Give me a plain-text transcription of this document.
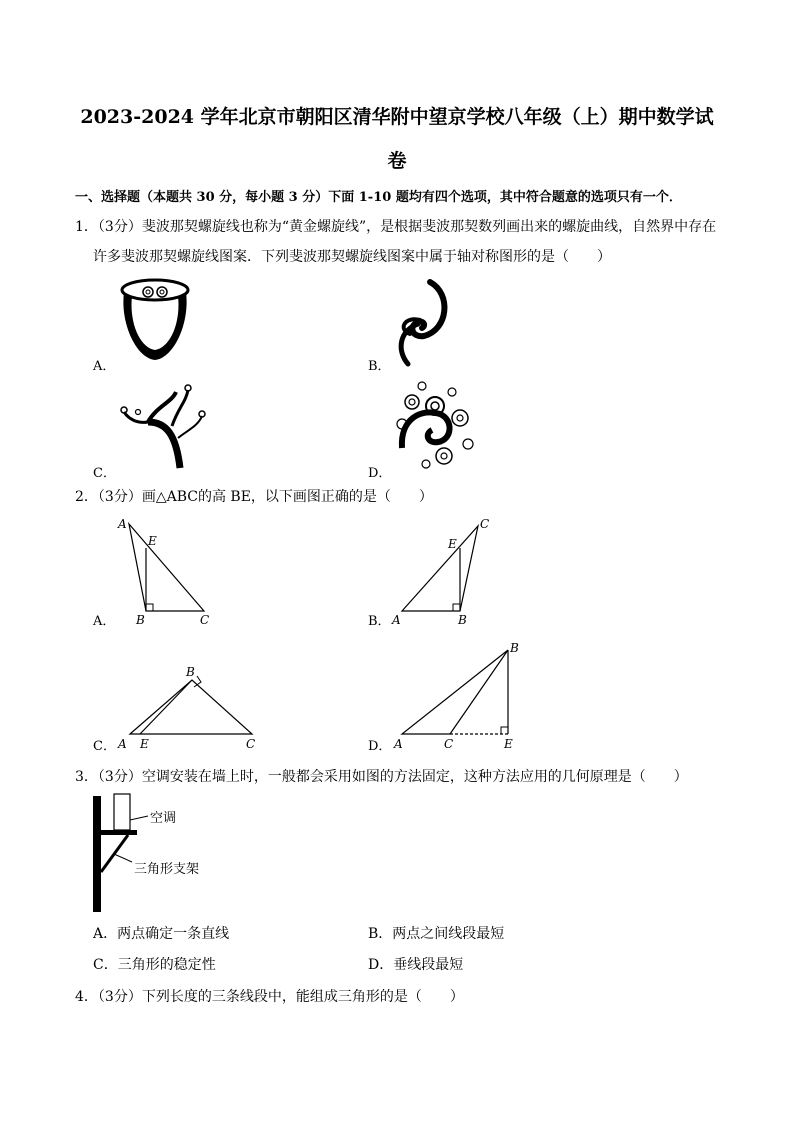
2023-2024 学年北京市朝阳区清华附中望京学校八年级（上）期中数学试
卷
一、选择题（本题共 30 分，每小题 3 分）下面 1-10 题均有四个选项，其中符合题意的选项只有一个．
1．（3分）斐波那契螺旋线也称为“黄金螺旋线”，是根据斐波那契数列画出来的螺旋曲线，自然界中存在
许多斐波那契螺旋线图案．下列斐波那契螺旋线图案中属于轴对称图形的是（　　）
A．	B．
C．	D．
2．（3分）画△ABC的高 BE，以下画图正确的是（　　）
A．	B．
C．	D．
A
E
B	C
E
C
A	B
B
A E	C
B
A	C	E
3．（3分）空调安装在墙上时，一般都会采用如图的方法固定，这种方法应用的几何原理是（　　）
空调
三角形支架
A．两点确定一条直线	B．两点之间线段最短
C．三角形的稳定性	D．垂线段最短
4．（3分）下列长度的三条线段中，能组成三角形的是（　　）
